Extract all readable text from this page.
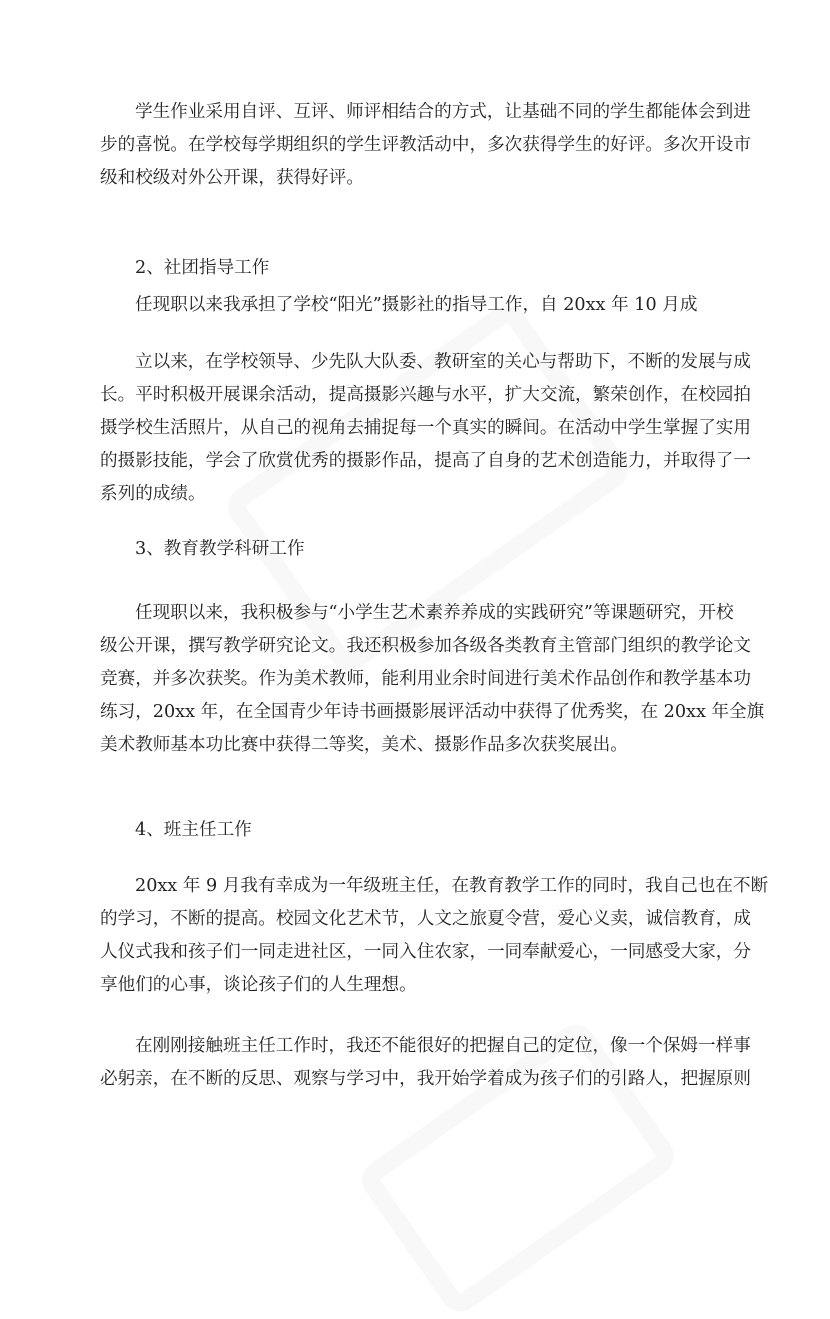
学生作业采用自评、互评、师评相结合的方式，让基础不同的学生都能体会到进
步的喜悦。在学校每学期组织的学生评教活动中，多次获得学生的好评。多次开设市
级和校级对外公开课，获得好评。
2、社团指导工作
任现职以来我承担了学校“阳光”摄影社的指导工作，自 20xx 年 10 月成
立以来，在学校领导、少先队大队委、教研室的关心与帮助下，不断的发展与成
长。平时积极开展课余活动，提高摄影兴趣与水平，扩大交流，繁荣创作，在校园拍
摄学校生活照片，从自己的视角去捕捉每一个真实的瞬间。在活动中学生掌握了实用
的摄影技能，学会了欣赏优秀的摄影作品，提高了自身的艺术创造能力，并取得了一
系列的成绩。
3、教育教学科研工作
任现职以来，我积极参与“小学生艺术素养养成的实践研究”等课题研究，开校
级公开课，撰写教学研究论文。我还积极参加各级各类教育主管部门组织的教学论文
竞赛，并多次获奖。作为美术教师，能利用业余时间进行美术作品创作和教学基本功
练习，20xx 年，在全国青少年诗书画摄影展评活动中获得了优秀奖，在 20xx 年全旗
美术教师基本功比赛中获得二等奖，美术、摄影作品多次获奖展出。
4、班主任工作
20xx 年 9 月我有幸成为一年级班主任，在教育教学工作的同时，我自己也在不断
的学习，不断的提高。校园文化艺术节，人文之旅夏令营，爱心义卖，诚信教育，成
人仪式我和孩子们一同走进社区，一同入住农家，一同奉献爱心，一同感受大家，分
享他们的心事，谈论孩子们的人生理想。
在刚刚接触班主任工作时，我还不能很好的把握自己的定位，像一个保姆一样事
必躬亲，在不断的反思、观察与学习中，我开始学着成为孩子们的引路人，把握原则
